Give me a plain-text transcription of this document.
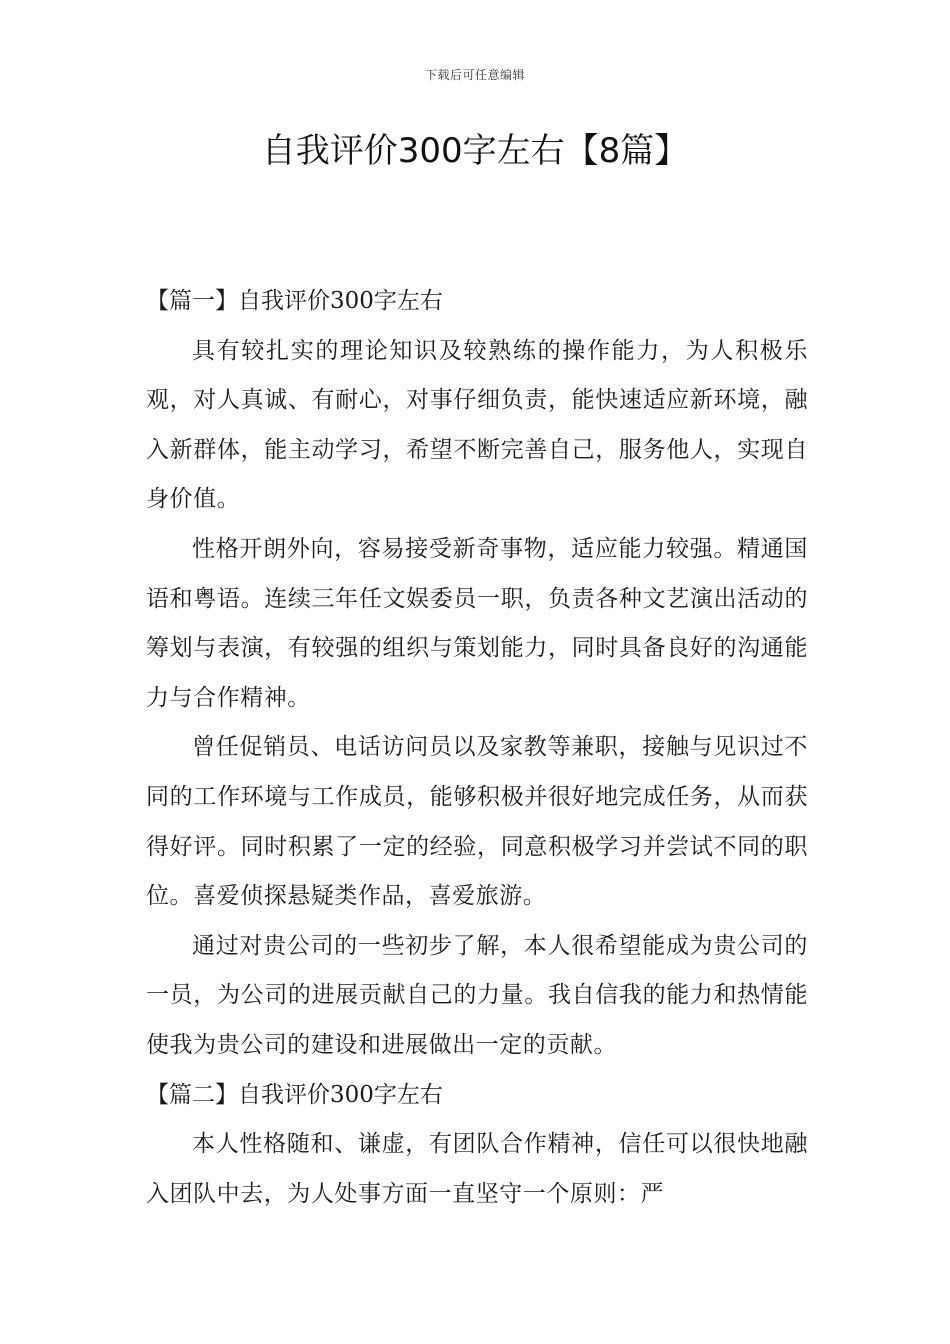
下载后可任意编辑
自我评价300字左右【8篇】
【篇一】自我评价300字左右

具有较扎实的理论知识及较熟练的操作能力，为人积极乐观，对人真诚、有耐心，对事仔细负责，能快速适应新环境，融入新群体，能主动学习，希望不断完善自己，服务他人，实现自身价值。

性格开朗外向，容易接受新奇事物，适应能力较强。精通国语和粤语。连续三年任文娱委员一职，负责各种文艺演出活动的筹划与表演，有较强的组织与策划能力，同时具备良好的沟通能力与合作精神。

曾任促销员、电话访问员以及家教等兼职，接触与见识过不同的工作环境与工作成员，能够积极并很好地完成任务，从而获得好评。同时积累了一定的经验，同意积极学习并尝试不同的职位。喜爱侦探悬疑类作品，喜爱旅游。

通过对贵公司的一些初步了解，本人很希望能成为贵公司的一员，为公司的进展贡献自己的力量。我自信我的能力和热情能使我为贵公司的建设和进展做出一定的贡献。

【篇二】自我评价300字左右

本人性格随和、谦虚，有团队合作精神，信任可以很快地融入团队中去，为人处事方面一直坚守一个原则：严
